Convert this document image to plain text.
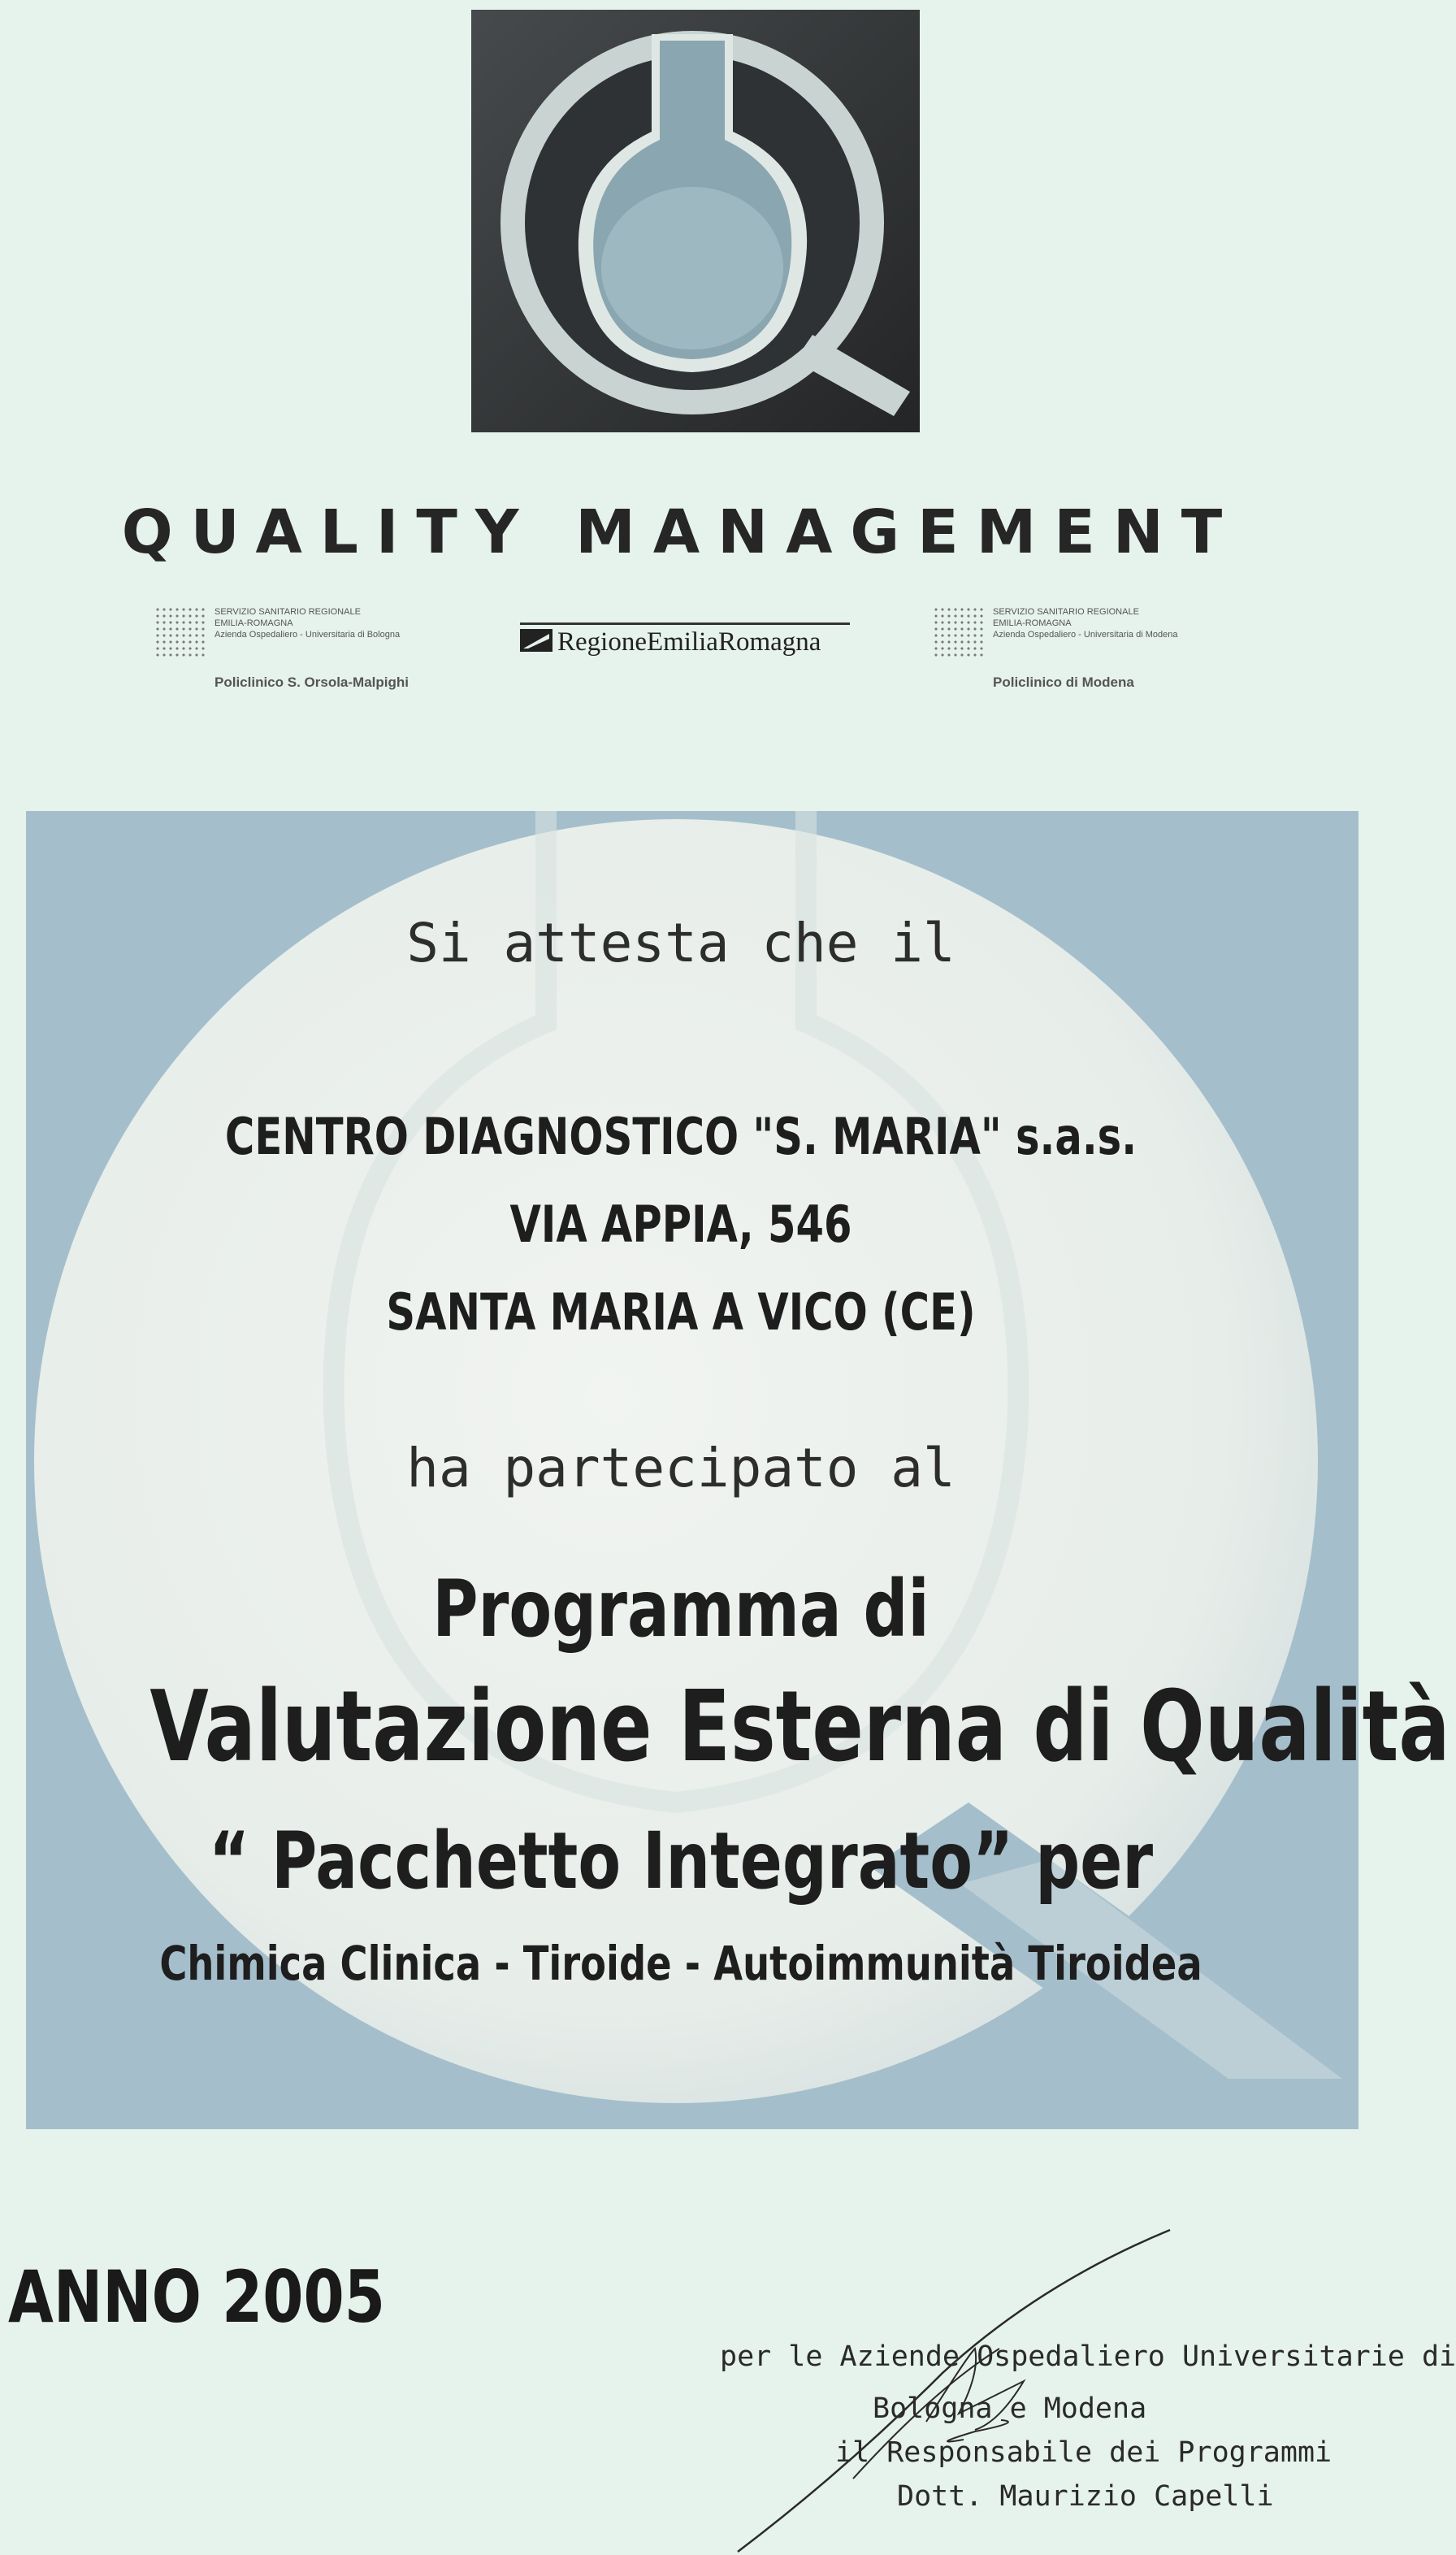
QUALITY MANAGEMENT
SERVIZIO SANITARIO REGIONALE
EMILIA-ROMAGNA
Azienda Ospedaliero - Universitaria di Bologna
Policlinico S. Orsola-Malpighi
RegioneEmiliaRomagna
SERVIZIO SANITARIO REGIONALE
EMILIA-ROMAGNA
Azienda Ospedaliero - Universitaria di Modena
Policlinico di Modena
Si attesta che il
CENTRO DIAGNOSTICO "S. MARIA" s.a.s.
VIA APPIA, 546
SANTA MARIA A VICO (CE)
ha partecipato al
Programma di
Valutazione Esterna di Qualità
“ Pacchetto Integrato” per
Chimica Clinica - Tiroide - Autoimmunità Tiroidea
ANNO 2005
per le Aziende Ospedaliero Universitarie di
Bologna e Modena
il Responsabile dei Programmi
Dott. Maurizio Capelli
